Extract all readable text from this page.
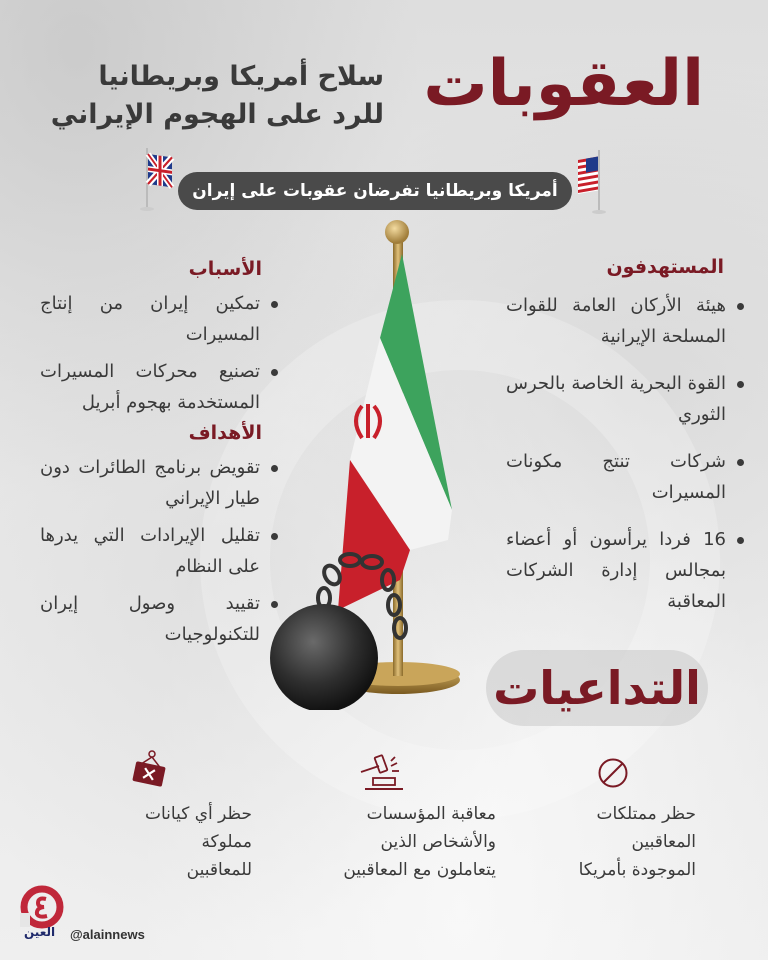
العقوبات
سلاح أمريكا وبريطانيا
للرد على الهجوم الإيراني
أمريكا وبريطانيا تفرضان عقوبات على إيران
المستهدفون
هيئة الأركان العامة للقوات المسلحة الإيرانية
القوة البحرية الخاصة بالحرس الثوري
شركات تنتج مكونات المسيرات
16 فردا يرأسون أو أعضاء بمجالس إدارة الشركات المعاقبة
الأسباب
تمكين إيران من إنتاج المسيرات
تصنيع محركات المسيرات المستخدمة بهجوم أبريل
الأهداف
تقويض برنامج الطائرات دون طيار الإيراني
تقليل الإيرادات التي يدرها على النظام
تقييد وصول إيران للتكنولوجيات
التداعيات
حظر ممتلكات
المعاقبين
الموجودة بأمريكا
معاقبة المؤسسات
والأشخاص الذين
يتعاملون مع المعاقبين
حظر أي كيانات
مملوكة
للمعاقبين
العين @alainnews
